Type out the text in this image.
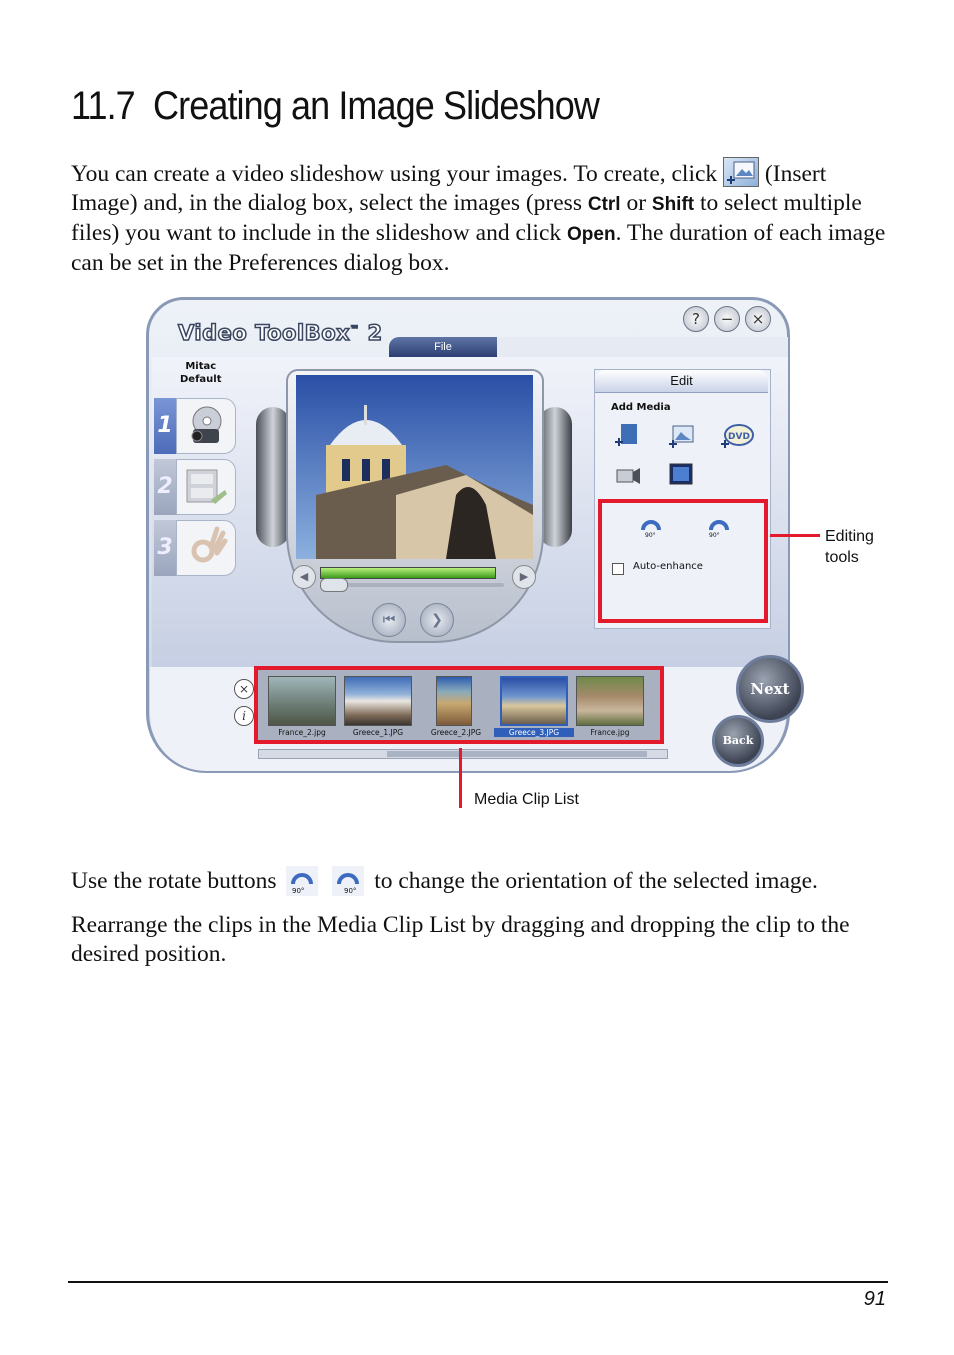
11.7 Creating an Image Slideshow

You can create a video slideshow using your images. To create, click (Insert Image) and, in the dialog box, select the images (press Ctrl or Shift to select multiple files) you want to include in the slideshow and click Open. The duration of each image can be set in the Preferences dialog box.

Video ToolBox™ 2
File
?	−	×
Mitac
Default
1
2
3
◀	▶
⏮	❯
Edit
Add Media
DVD
90°	90°
Auto-enhance
×
i
France_2.jpg	Greece_1.JPG	Greece_2.JPG	Greece_3.JPG	France.jpg
Next
Back
Editing
tools
Media Clip List

Use the rotate buttons 90°
	90° to change the orientation of the selected image.

Rearrange the clips in the Media Clip List by dragging and dropping the clip to the desired position.

91
